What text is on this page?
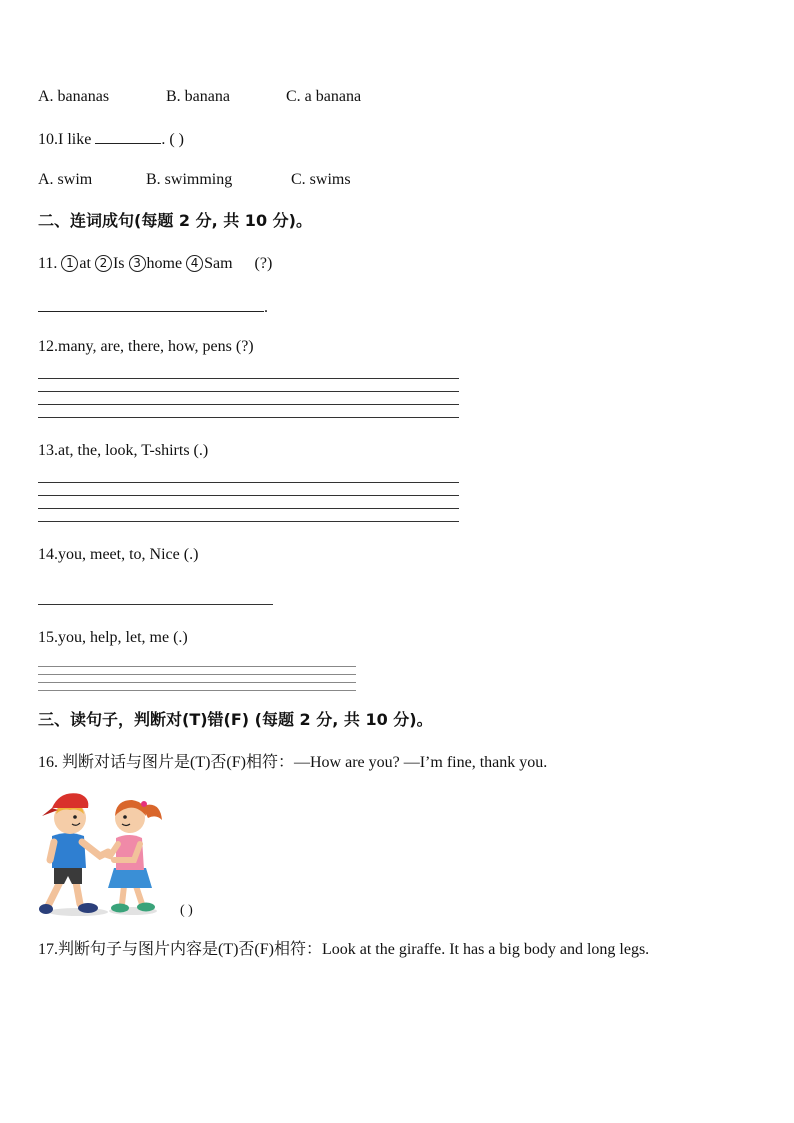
A. bananas	B. banana	C. a banana
10.I like	. ( )
A. swim	B. swimming	C. swims
二、连词成句(每题 2 分, 共 10 分)。
11. 1 at 2 Is 3 home 4 Sam (?)
.
12.many, are, there, how, pens (?)
13.at, the, look, T-shirts (.)
14.you, meet, to, Nice (.)
15.you, help, let, me (.)
三、读句子，判断对(T)错(F) (每题 2 分, 共 10 分)。
16. 判断对话与图片是(T)否(F)相符：—How are you? —I’m fine, thank you.
( )
17.判断句子与图片内容是(T)否(F)相符：Look at the giraffe. It has a big body and long legs.
